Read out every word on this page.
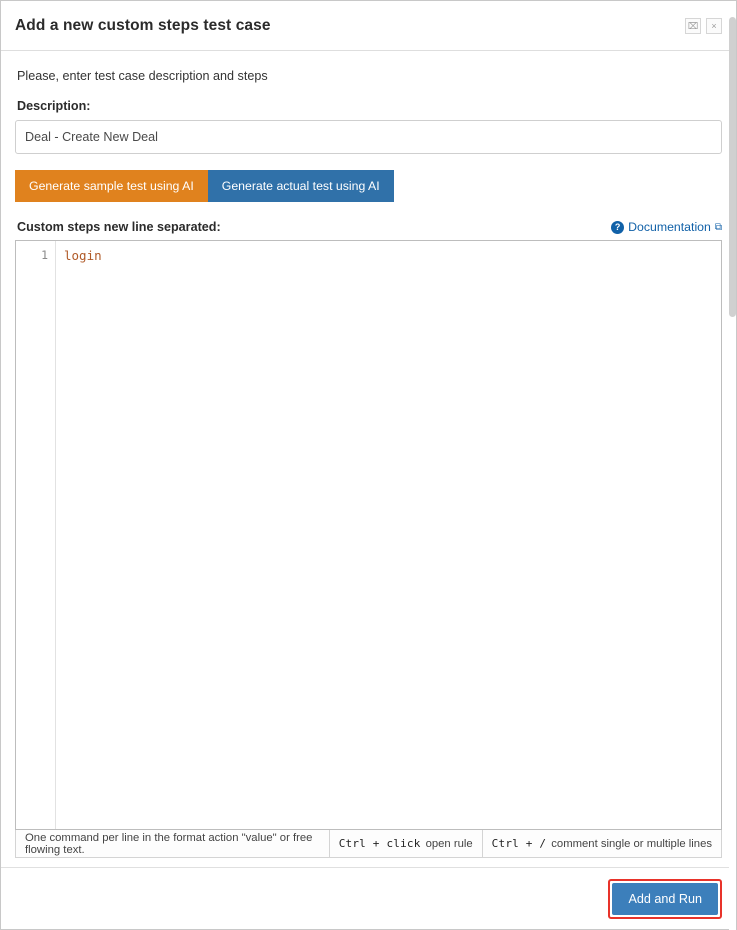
Add a new custom steps test case	⌧	×
Please, enter test case description and steps
Description:
Deal - Create New Deal
Generate sample test using AI	Generate actual test using AI
Custom steps new line separated:	? Documentation ⧉
1	login
One command per line in the format action "value" or free flowing text.	Ctrl + click open rule Ctrl + / comment single or multiple lines
Add and Run
